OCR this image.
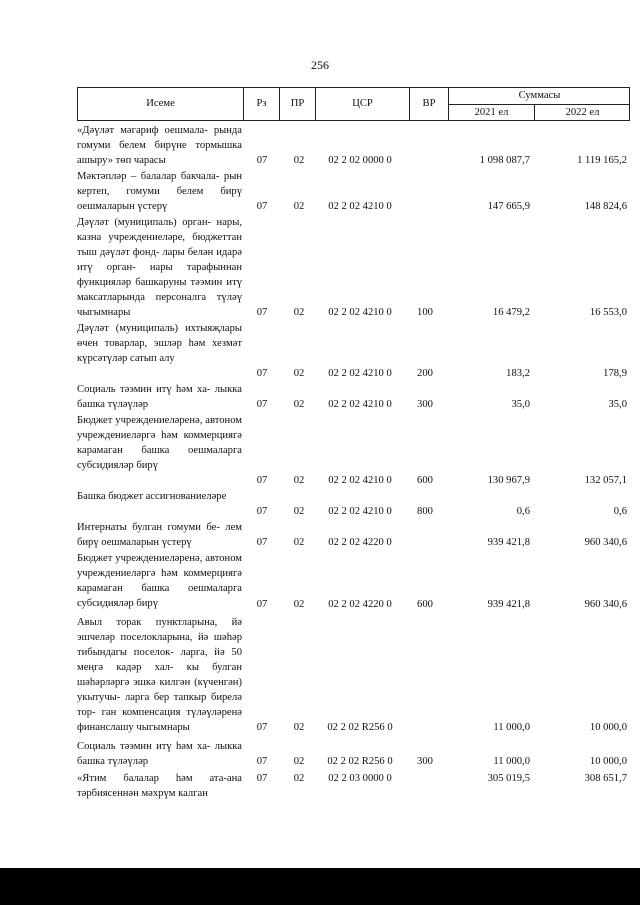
256
Исеме	Рз	ПР	ЦСР	ВР
Суммасы
2021 ел	2022 ел
«Дәүләт мәгариф оешмала- рында гомуми белем бирүне тормышка ашыру» төп чарасы	07	02	02 2 02 0000 0	1 098 087,7	1 119 165,2
Мәктәпләр – балалар бакчала- рын кертеп, гомуми белем бирү оешмаларын үстерү	07	02	02 2 02 4210 0	147 665,9	148 824,6
Дәүләт (муниципаль) орган- нары, казна учреждениеләре, бюджеттан тыш дәүләт фонд- лары белән идарә итү орган- нары тарафыннан функцияләр башкаруны тәэмин итү максатларында персоналга түләү чыгымнары	07	02	02 2 02 4210 0	100	16 479,2	16 553,0
Дәүләт (муниципаль) ихтыяҗлары өчен товарлар, эшләр һәм хезмәт күрсәтүләр сатып алу
07	02	02 2 02 4210 0	200	183,2	178,9
Социаль тәэмин итү һәм ха- лыкка башка түләүләр	07	02	02 2 02 4210 0	300	35,0	35,0
Бюджет учреждениеләренә, автоном учреждениеләргә һәм коммерциягә карамаган башка оешмаларга субсидияләр бирү
07	02	02 2 02 4210 0	600	130 967,9	132 057,1
Башка бюджет ассигнованиеләре
07	02	02 2 02 4210 0	800	0,6	0,6
Интернаты булган гомуми бе- лем бирү оешмаларын үстерү	07	02	02 2 02 4220 0	939 421,8	960 340,6
Бюджет учреждениеләренә, автоном учреждениеләргә һәм коммерциягә карамаган башка оешмаларга субсидияләр бирү	07	02	02 2 02 4220 0	600	939 421,8	960 340,6
Авыл торак пунктларына, йә эшчеләр поселокларына, йә шәһәр тибындагы поселок- ларга, йә 50 меңгә кадәр хал- кы булган шәһәрләргә эшкә килгән (күченгән) укытучы- ларга бер тапкыр бирелә тор- ган компенсация түләүләренә финанслашу чыгымнары	07	02	02 2 02 R256 0	11 000,0	10 000,0
Социаль тәэмин итү һәм ха- лыкка башка түләүләр	07	02	02 2 02 R256 0	300	11 000,0	10 000,0
«Ятим балалар һәм ата-ана тәрбиясеннән мәхрүм калган
07	02	02 2 03 0000 0	305 019,5	308 651,7
